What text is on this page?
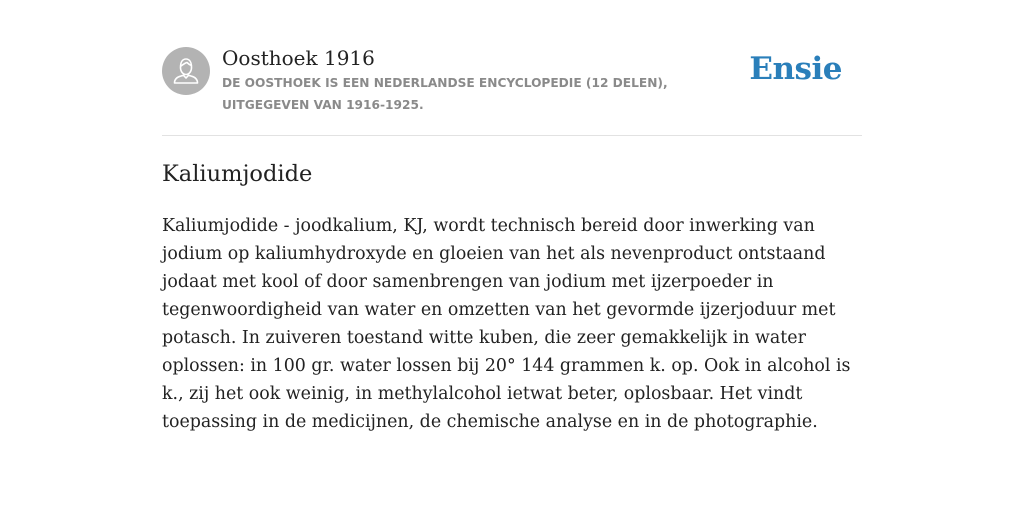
Oosthoek 1916
DE OOSTHOEK IS EEN NEDERLANDSE ENCYCLOPEDIE (12 DELEN), UITGEGEVEN VAN 1916-1925.
Ensie
Kaliumjodide

Kaliumjodide - joodkalium, KJ, wordt technisch bereid door inwerking van jodium op kaliumhydroxyde en gloeien van het als nevenproduct ontstaand jodaat met kool of door samenbrengen van jodium met ijzerpoeder in tegenwoordigheid van water en omzetten van het gevormde ijzerjoduur met potasch. In zuiveren toestand witte kuben, die zeer gemakkelijk in water oplossen: in 100 gr. water lossen bij 20° 144 grammen k. op. Ook in alcohol is k., zij het ook weinig, in methylalcohol ietwat beter, oplosbaar. Het vindt toepassing in de medicijnen, de chemische analyse en in de photographie.
